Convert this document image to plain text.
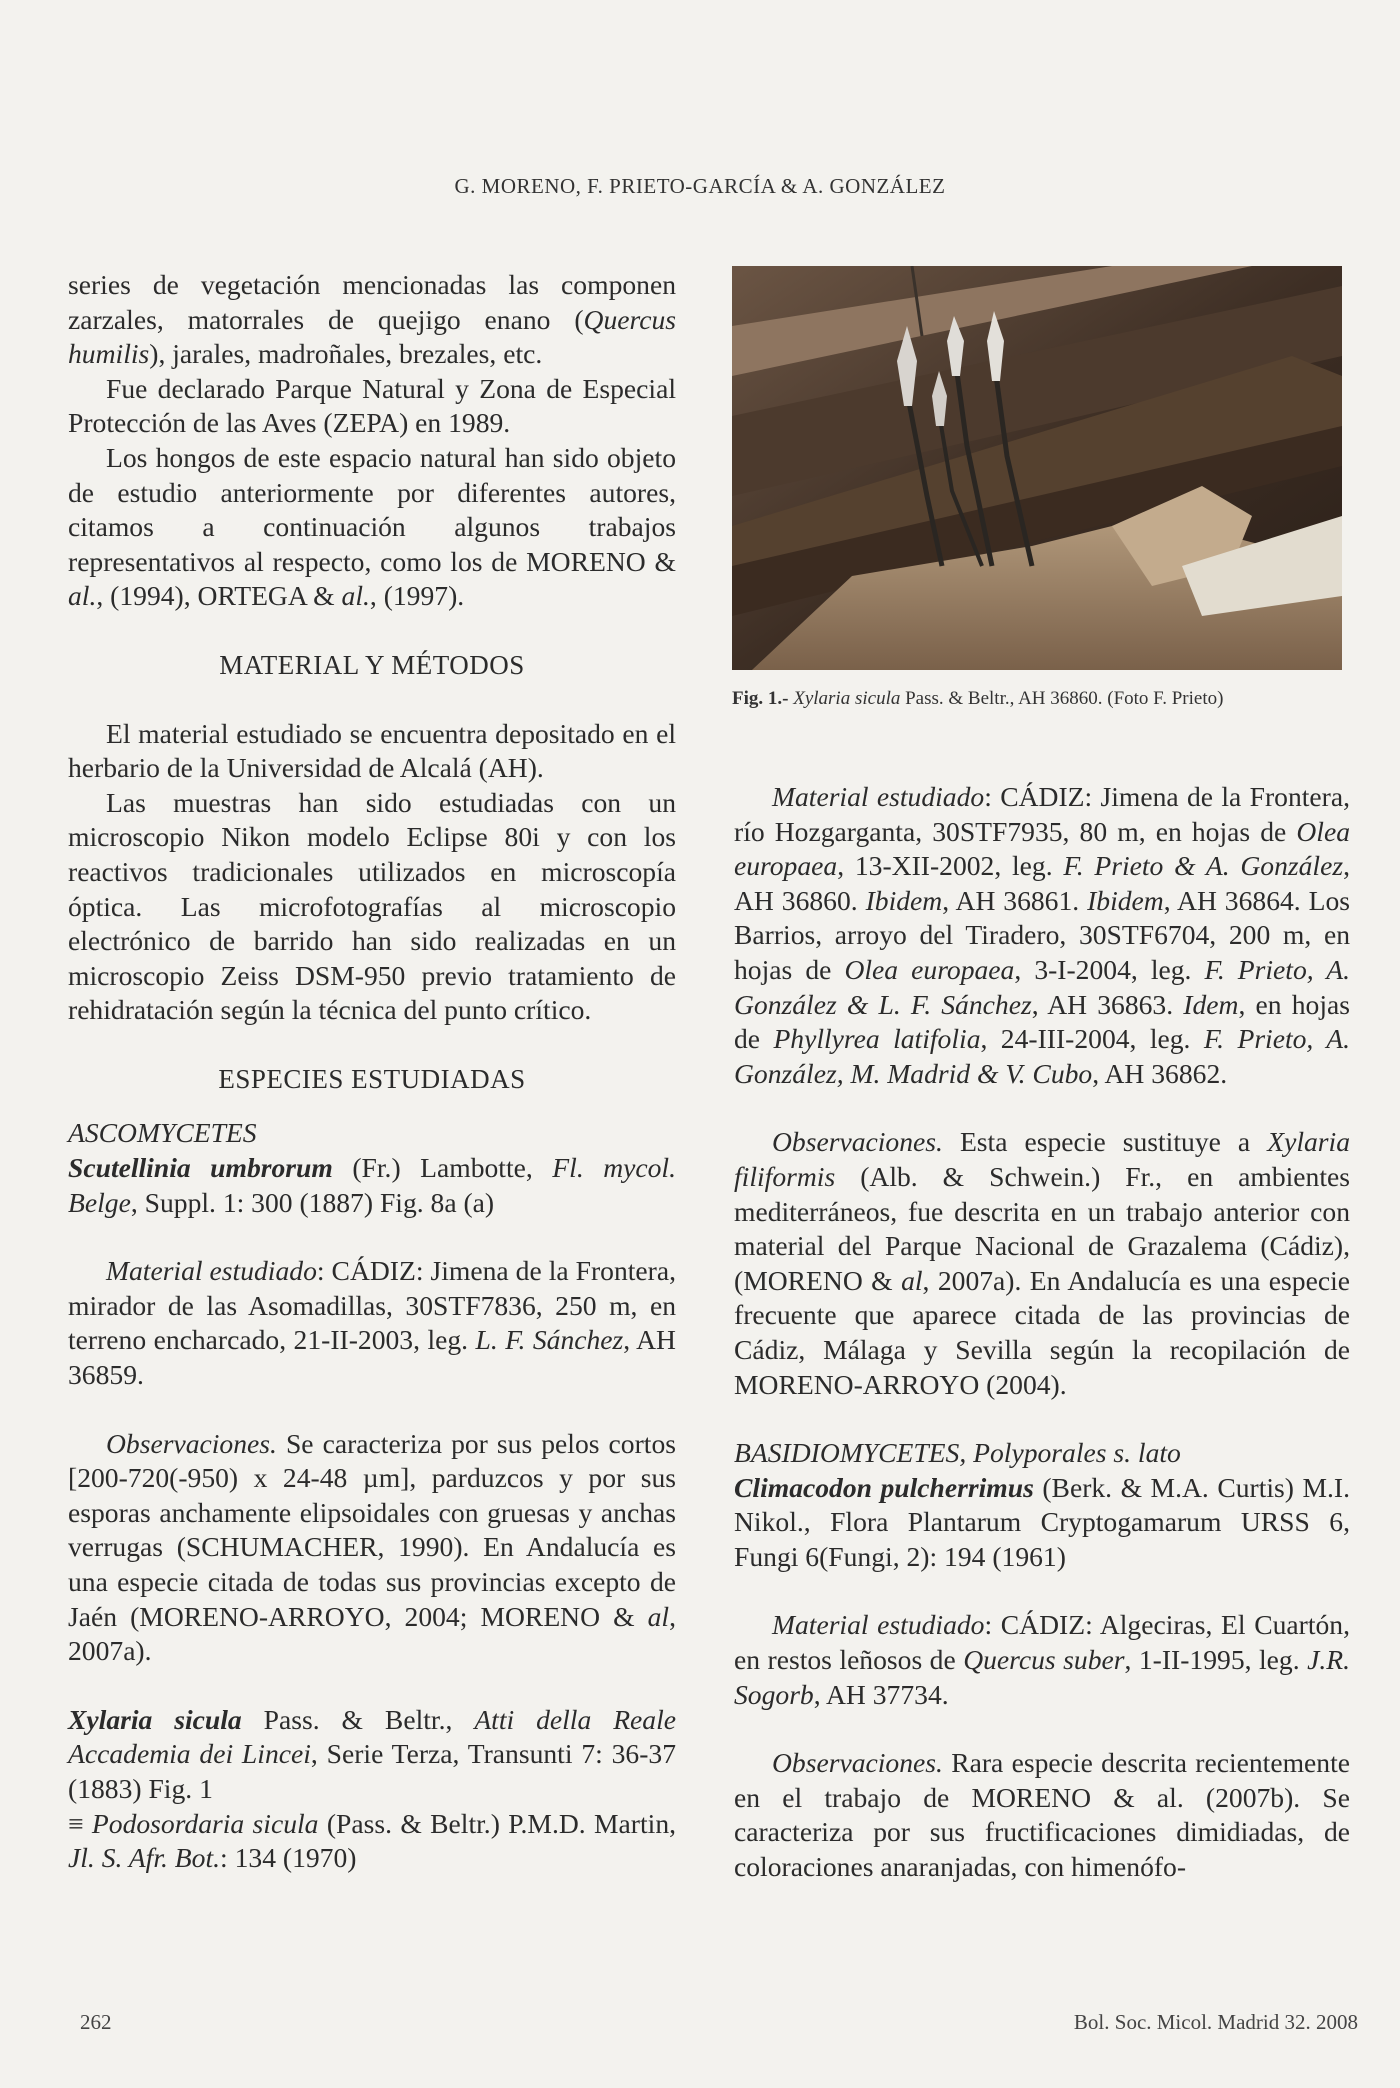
G. MORENO, F. PRIETO-GARCÍA & A. GONZÁLEZ

series de vegetación mencionadas las componen zarzales, matorrales de quejigo enano (Quercus humilis), jarales, madroñales, brezales, etc.

Fue declarado Parque Natural y Zona de Especial Protección de las Aves (ZEPA) en 1989.

Los hongos de este espacio natural han sido objeto de estudio anteriormente por diferentes autores, citamos a continuación algunos trabajos representativos al respecto, como los de MORENO & al., (1994), ORTEGA & al., (1997).

MATERIAL Y MÉTODOS

El material estudiado se encuentra depositado en el herbario de la Universidad de Alcalá (AH).

Las muestras han sido estudiadas con un microscopio Nikon modelo Eclipse 80i y con los reactivos tradicionales utilizados en microscopía óptica. Las microfotografías al microscopio electrónico de barrido han sido realizadas en un microscopio Zeiss DSM-950 previo tratamiento de rehidratación según la técnica del punto crítico.

ESPECIES ESTUDIADAS

ASCOMYCETES

Scutellinia umbrorum (Fr.) Lambotte, Fl. mycol. Belge, Suppl. 1: 300 (1887) Fig. 8a (a)

Material estudiado: CÁDIZ: Jimena de la Frontera, mirador de las Asomadillas, 30STF7836, 250 m, en terreno encharcado, 21-II-2003, leg. L. F. Sánchez, AH 36859.

Observaciones. Se caracteriza por sus pelos cortos [200-720(-950) x 24-48 µm], parduzcos y por sus esporas anchamente elipsoidales con gruesas y anchas verrugas (SCHUMACHER, 1990). En Andalucía es una especie citada de todas sus provincias excepto de Jaén (MORENO-ARROYO, 2004; MORENO & al, 2007a).

Xylaria sicula Pass. & Beltr., Atti della Reale Accademia dei Lincei, Serie Terza, Transunti 7: 36-37 (1883) Fig. 1

≡ Podosordaria sicula (Pass. & Beltr.) P.M.D. Martin, Jl. S. Afr. Bot.: 134 (1970)

Fig. 1.- Xylaria sicula Pass. & Beltr., AH 36860. (Foto F. Prieto)

Material estudiado: CÁDIZ: Jimena de la Frontera, río Hozgarganta, 30STF7935, 80 m, en hojas de Olea europaea, 13-XII-2002, leg. F. Prieto & A. González, AH 36860. Ibidem, AH 36861. Ibidem, AH 36864. Los Barrios, arroyo del Tiradero, 30STF6704, 200 m, en hojas de Olea europaea, 3-I-2004, leg. F. Prieto, A. González & L. F. Sánchez, AH 36863. Idem, en hojas de Phyllyrea latifolia, 24-III-2004, leg. F. Prieto, A. González, M. Madrid & V. Cubo, AH 36862.

Observaciones. Esta especie sustituye a Xylaria filiformis (Alb. & Schwein.) Fr., en ambientes mediterráneos, fue descrita en un trabajo anterior con material del Parque Nacional de Grazalema (Cádiz), (MORENO & al, 2007a). En Andalucía es una especie frecuente que aparece citada de las provincias de Cádiz, Málaga y Sevilla según la recopilación de MORENO-ARROYO (2004).

BASIDIOMYCETES, Polyporales s. lato

Climacodon pulcherrimus (Berk. & M.A. Curtis) M.I. Nikol., Flora Plantarum Cryptogamarum URSS 6, Fungi 6(Fungi, 2): 194 (1961)

Material estudiado: CÁDIZ: Algeciras, El Cuartón, en restos leñosos de Quercus suber, 1-II-1995, leg. J.R. Sogorb, AH 37734.

Observaciones. Rara especie descrita recientemente en el trabajo de MORENO & al. (2007b). Se caracteriza por sus fructificaciones dimidiadas, de coloraciones anaranjadas, con himenófo-

262	Bol. Soc. Micol. Madrid 32. 2008
